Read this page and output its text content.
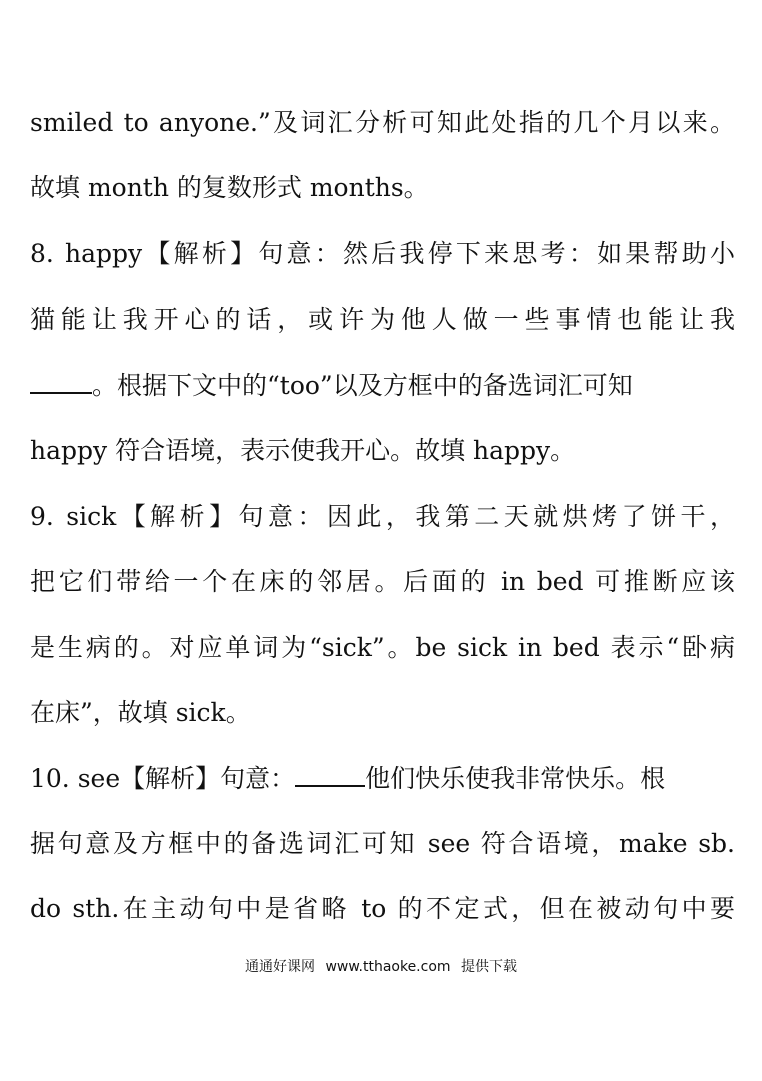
smiled to anyone.”及词汇分析可知此处指的几个月以来。
故填 month 的复数形式 months。
8. happy【解析】句意：然后我停下来思考：如果帮助小
猫能让我开心的话，或许为他人做一些事情也能让我
。根据下文中的“too”以及方框中的备选词汇可知
happy 符合语境，表示使我开心。故填 happy。
9. sick【解析】句意：因此，我第二天就烘烤了饼干，
把它们带给一个在床的邻居。后面的 in bed 可推断应该
是生病的。对应单词为“sick”。be sick in bed 表示“卧病
在床”，故填 sick。
10. see【解析】句意：	他们快乐使我非常快乐。根
据句意及方框中的备选词汇可知 see 符合语境，make sb.
do sth.在主动句中是省略 to 的不定式，但在被动句中要
通通好课网 www.tthaoke.com 提供下载
